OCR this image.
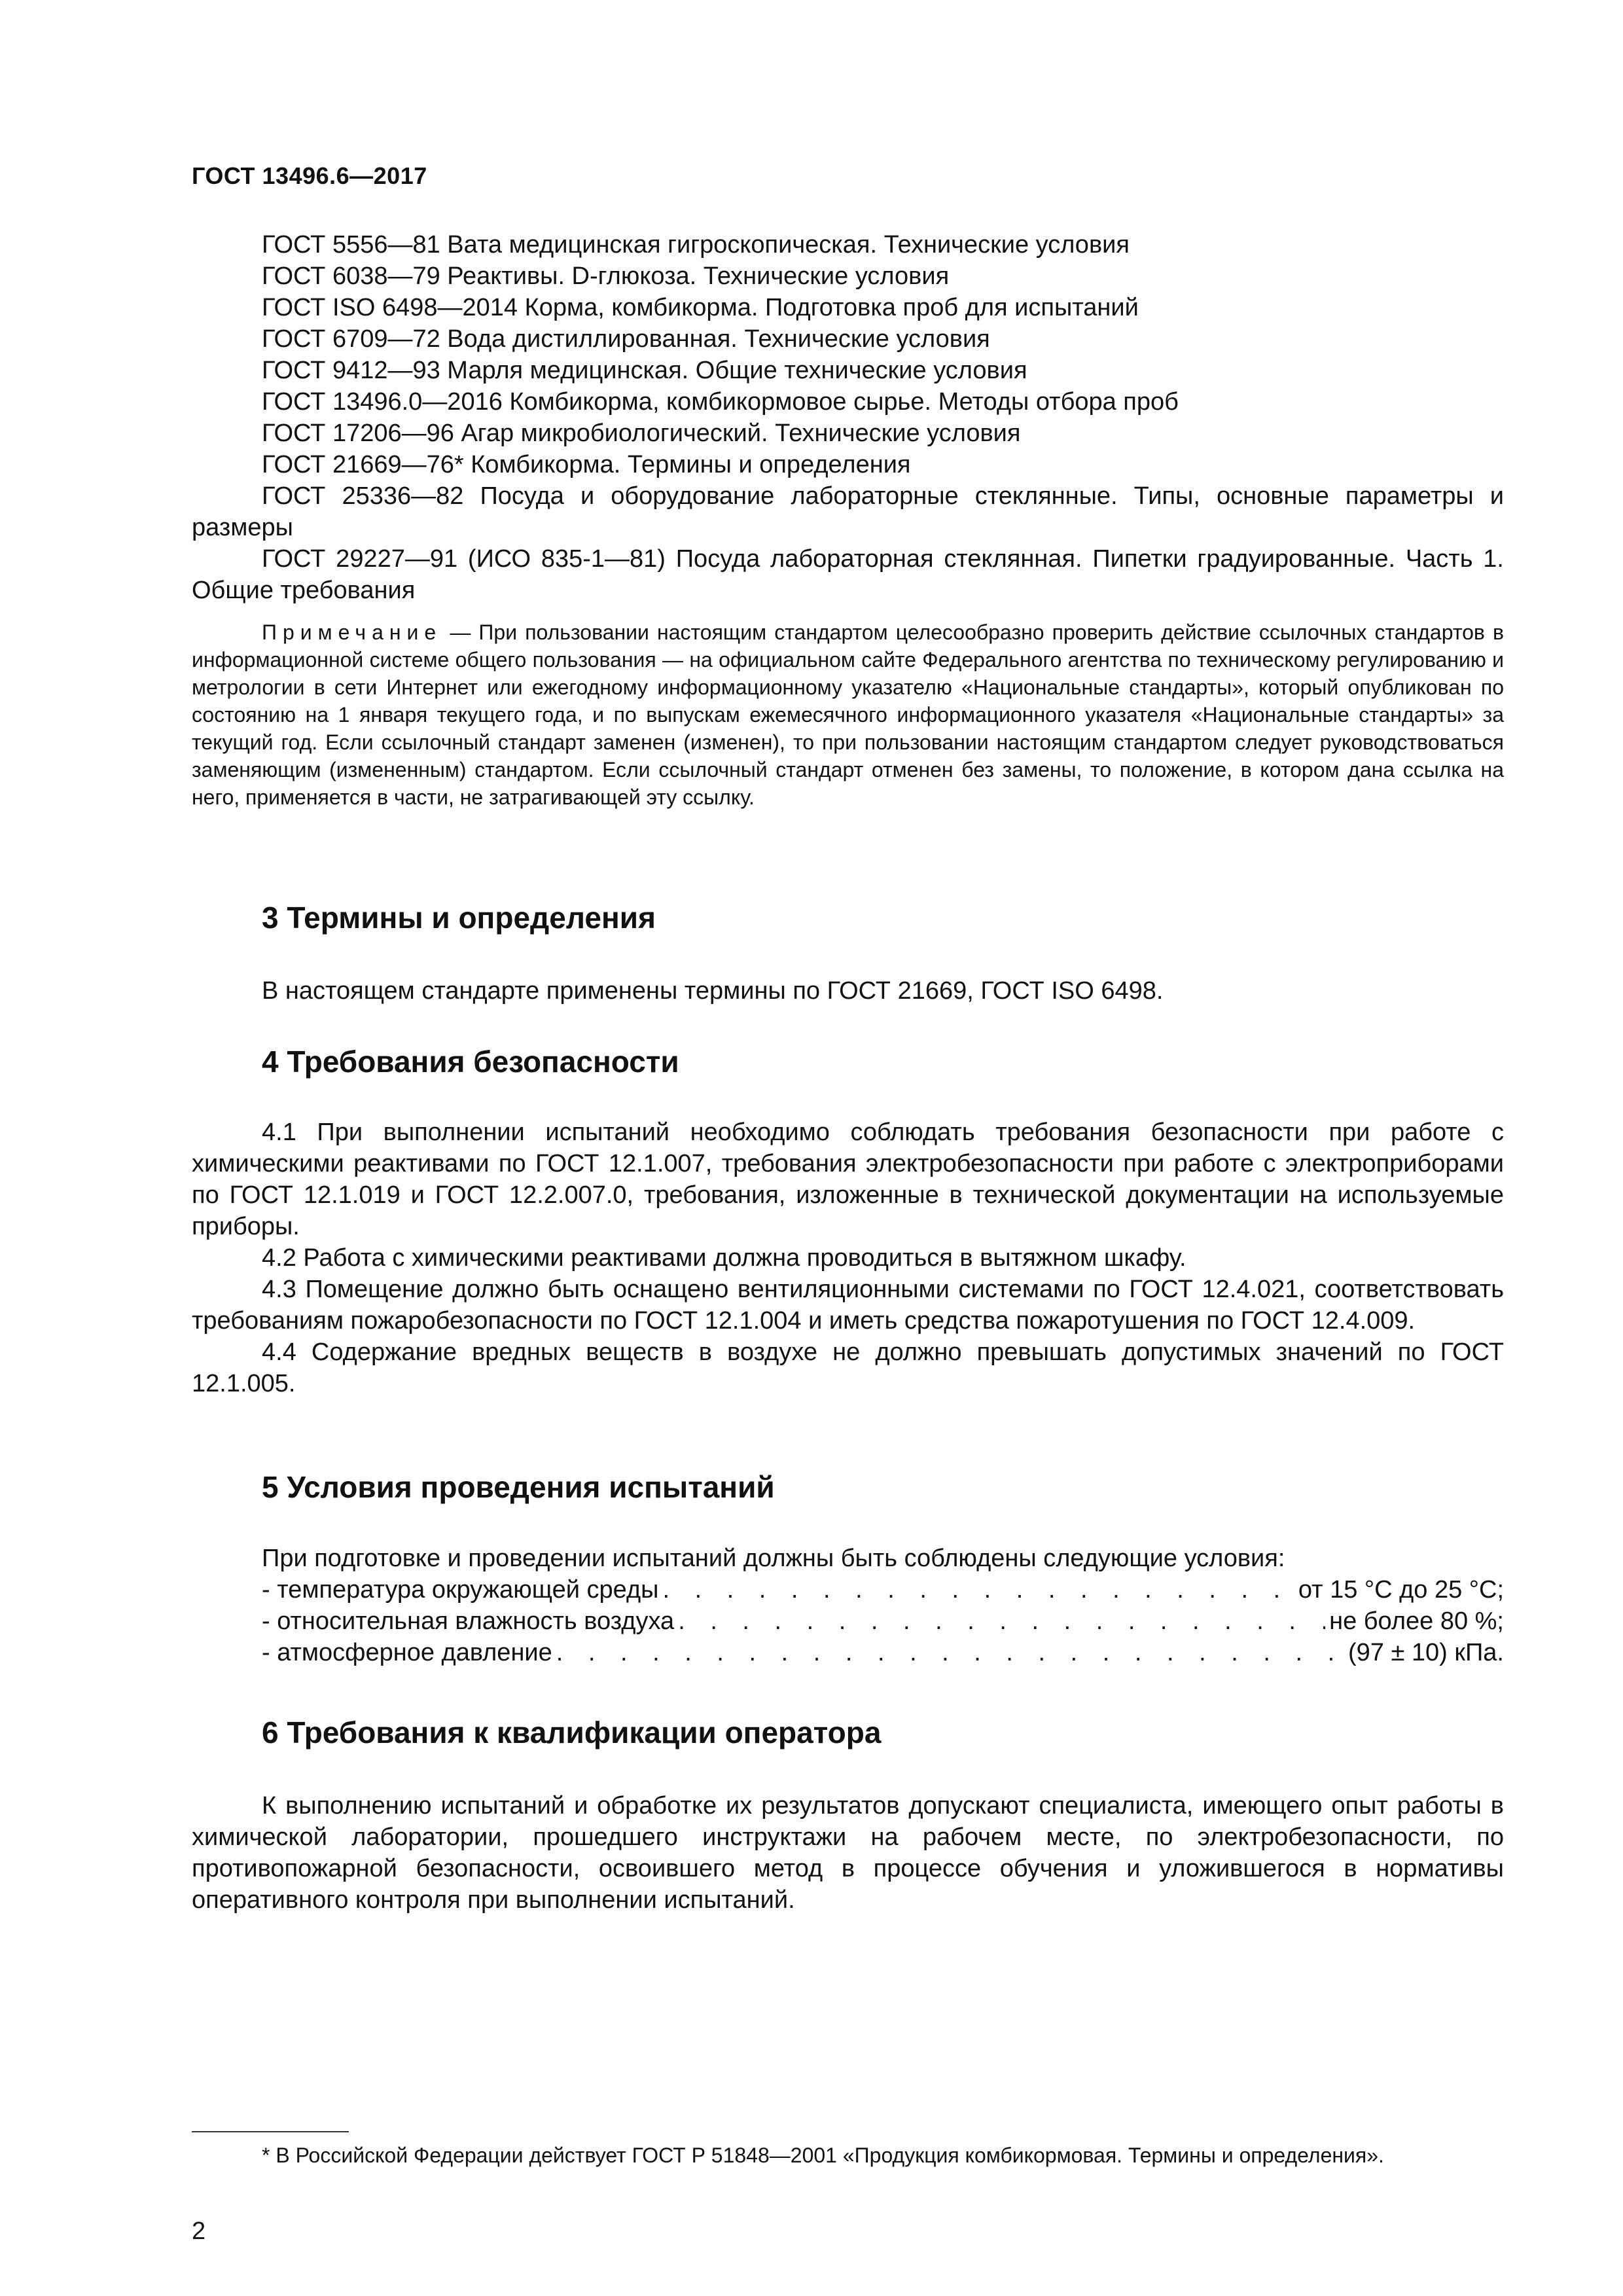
ГОСТ 13496.6—2017

ГОСТ 5556—81 Вата медицинская гигроскопическая. Технические условия

ГОСТ 6038—79 Реактивы. D-глюкоза. Технические условия

ГОСТ ISO 6498—2014 Корма, комбикорма. Подготовка проб для испытаний

ГОСТ 6709—72 Вода дистиллированная. Технические условия

ГОСТ 9412—93 Марля медицинская. Общие технические условия

ГОСТ 13496.0—2016 Комбикорма, комбикормовое сырье. Методы отбора проб

ГОСТ 17206—96 Агар микробиологический. Технические условия

ГОСТ 21669—76* Комбикорма. Термины и определения

ГОСТ 25336—82 Посуда и оборудование лабораторные стеклянные. Типы, основные параметры и размеры

ГОСТ 29227—91 (ИСО 835-1—81) Посуда лабораторная стеклянная. Пипетки градуированные. Часть 1. Общие требования

Примечание — При пользовании настоящим стандартом целесообразно проверить действие ссылочных стандартов в информационной системе общего пользования — на официальном сайте Федерального агентства по техническому регулированию и метрологии в сети Интернет или ежегодному информационному указателю «Национальные стандарты», который опубликован по состоянию на 1 января текущего года, и по выпускам ежемесячного информационного указателя «Национальные стандарты» за текущий год. Если ссылочный стандарт заменен (изменен), то при пользовании настоящим стандартом следует руководствоваться заменяющим (измененным) стандартом. Если ссылочный стандарт отменен без замены, то положение, в котором дана ссылка на него, применяется в части, не затрагивающей эту ссылку.

3 Термины и определения

В настоящем стандарте применены термины по ГОСТ 21669, ГОСТ ISO 6498.

4 Требования безопасности

4.1 При выполнении испытаний необходимо соблюдать требования безопасности при работе с химическими реактивами по ГОСТ 12.1.007, требования электробезопасности при работе с электроприборами по ГОСТ 12.1.019 и ГОСТ 12.2.007.0, требования, изложенные в технической документации на используемые приборы.

4.2 Работа с химическими реактивами должна проводиться в вытяжном шкафу.

4.3 Помещение должно быть оснащено вентиляционными системами по ГОСТ 12.4.021, соответствовать требованиям пожаробезопасности по ГОСТ 12.1.004 и иметь средства пожаротушения по ГОСТ 12.4.009.

4.4 Содержание вредных веществ в воздухе не должно превышать допустимых значений по ГОСТ 12.1.005.

5 Условия проведения испытаний

При подготовке и проведении испытаний должны быть соблюдены следующие условия:

- температура окружающей среды . . .	от 15 °С до 25 °С;
- относительная влажность воздуха . . .	не более 80 %;
- атмосферное давление . . .	(97 ± 10) кПа.
6 Требования к квалификации оператора

К выполнению испытаний и обработке их результатов допускают специалиста, имеющего опыт работы в химической лаборатории, прошедшего инструктажи на рабочем месте, по электробезопасности, по противопожарной безопасности, освоившего метод в процессе обучения и уложившегося в нормативы оперативного контроля при выполнении испытаний.

* В Российской Федерации действует ГОСТ Р 51848—2001 «Продукция комбикормовая. Термины и определения».

2
